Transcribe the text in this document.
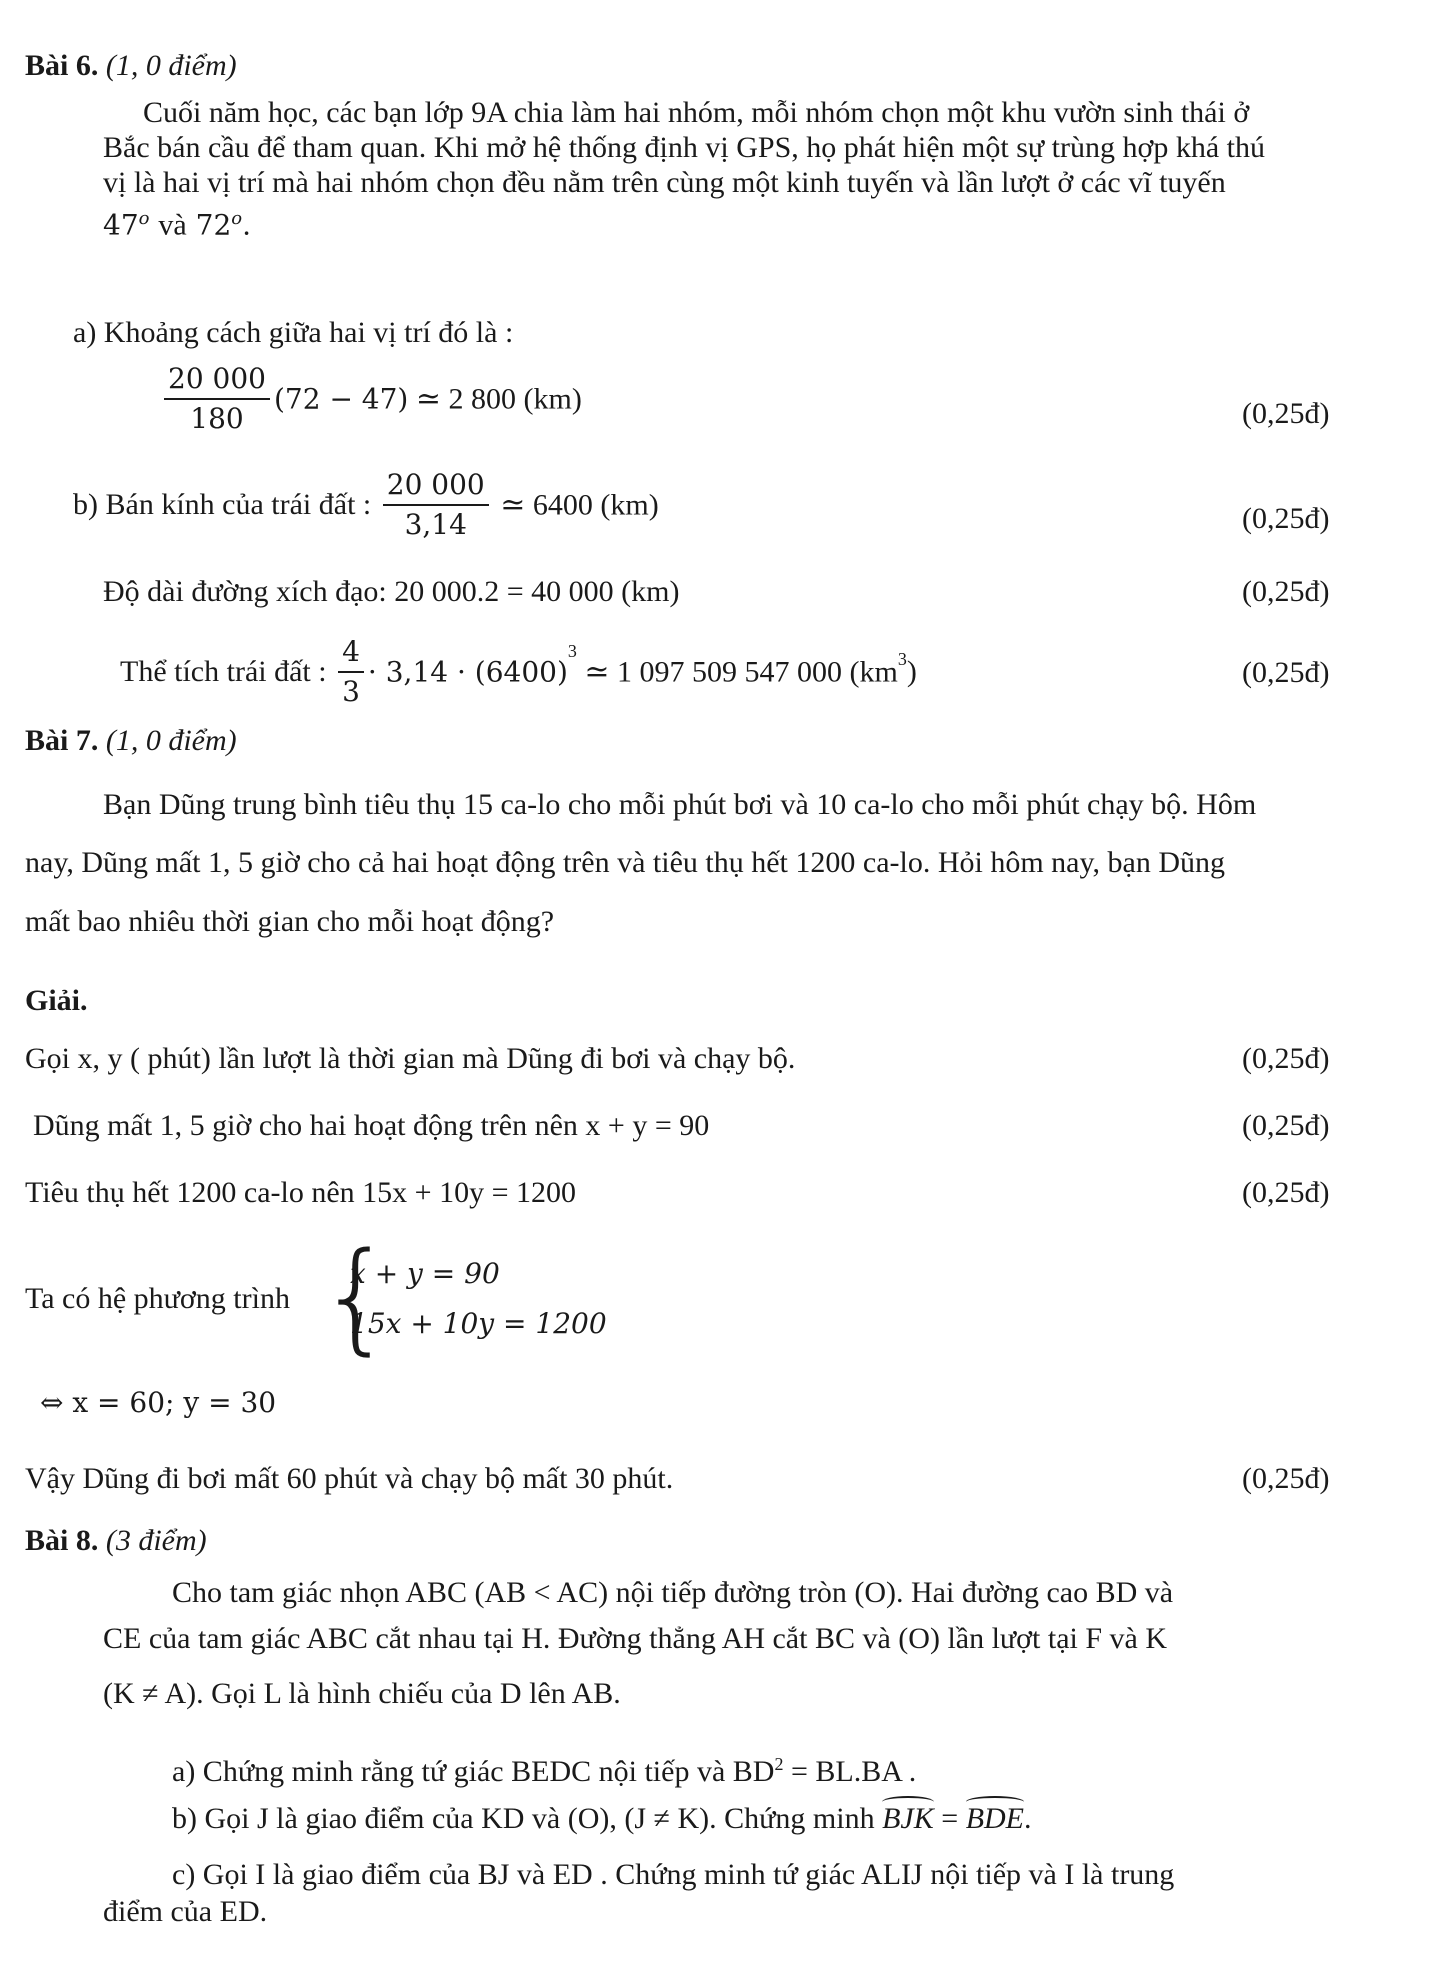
Bài 6. (1, 0 điểm)
Cuối năm học, các bạn lớp 9A chia làm hai nhóm, mỗi nhóm chọn một khu vườn sinh thái ở
Bắc bán cầu để tham quan. Khi mở hệ thống định vị GPS, họ phát hiện một sự trùng hợp khá thú
vị là hai vị trí mà hai nhóm chọn đều nằm trên cùng một kinh tuyến và lần lượt ở các vĩ tuyến
47$^o$ và 72$^o$.
a) Khoảng cách giữa hai vị trí đó là :
$\frac{20 000}{180} (72 - 47)$ ≃ 2 800 (km)	(0,25đ)
b) Bán kính của trái đất : $\frac{20 000}{3,14}$ ≃ 6400 (km)	(0,25đ)
Độ dài đường xích đạo: 20 000.2 = 40 000 (km)	(0,25đ)
Thể tích trái đất : $\frac{4}{3} \cdot 3,14 \cdot (6400)^3$ ≃ 1 097 509 547 000 $(km^3)$	(0,25đ)
Bài 7. (1, 0 điểm)
Bạn Dũng trung bình tiêu thụ 15 ca-lo cho mỗi phút bơi và 10 ca-lo cho mỗi phút chạy bộ. Hôm
nay, Dũng mất 1, 5 giờ cho cả hai hoạt động trên và tiêu thụ hết 1200 ca-lo. Hỏi hôm nay, bạn Dũng
mất bao nhiêu thời gian cho mỗi hoạt động?
Giải.
Gọi x, y ( phút) lần lượt là thời gian mà Dũng đi bơi và chạy bộ.	(0,25đ)
Dũng mất 1, 5 giờ cho hai hoạt động trên nên x + y = 90	(0,25đ)
Tiêu thụ hết 1200 ca-lo nên 15x + 10y = 1200	(0,25đ)
Ta có hệ phương trình {
x + y = 90
15x + 10y = 1200
⇔ x = 60; y = 30
Vậy Dũng đi bơi mất 60 phút và chạy bộ mất 30 phút.	(0,25đ)
Bài 8. (3 điểm)
Cho tam giác nhọn ABC (AB < AC) nội tiếp đường tròn (O). Hai đường cao BD và
CE của tam giác ABC cắt nhau tại H. Đường thẳng AH cắt BC và (O) lần lượt tại F và K
(K ≠ A). Gọi L là hình chiếu của D lên AB.
a) Chứng minh rằng tứ giác BEDC nội tiếp và $BD^2 = BL.BA$ .
b) Gọi J là giao điểm của KD và (O), (J ≠ K). Chứng minh BJK = BDE.
c) Gọi I là giao điểm của BJ và ED . Chứng minh tứ giác ALIJ nội tiếp và I là trung
điểm của ED.
